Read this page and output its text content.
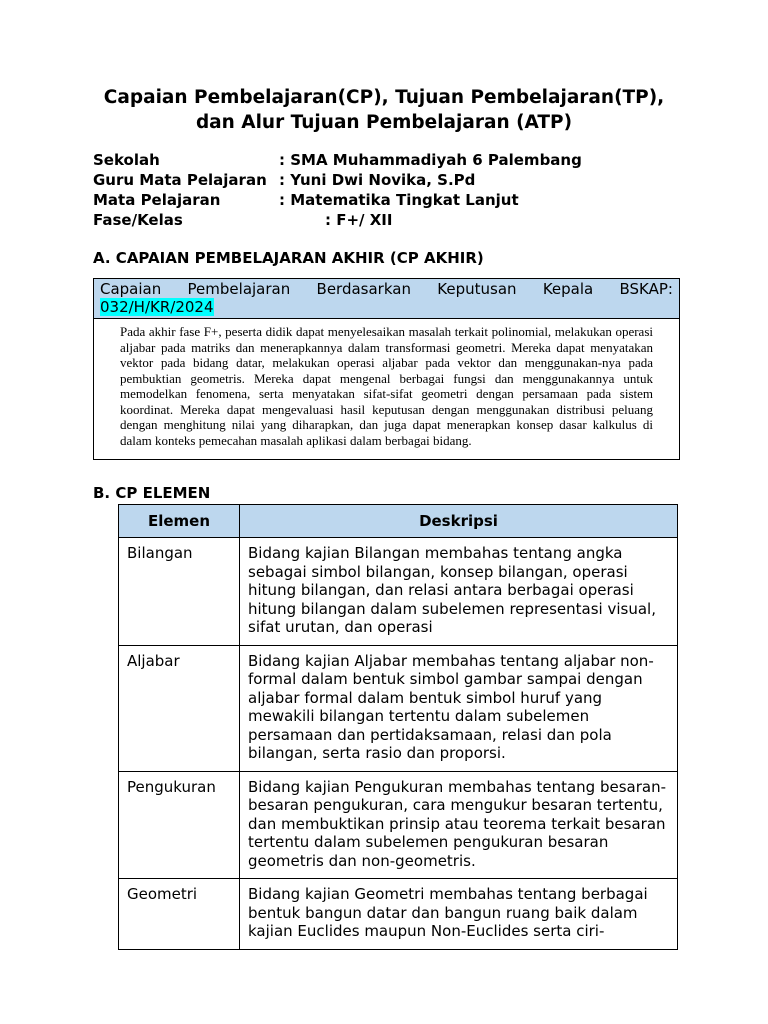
Capaian Pembelajaran(CP), Tujuan Pembelajaran(TP),
dan Alur Tujuan Pembelajaran (ATP)
Sekolah	: SMA Muhammadiyah 6 Palembang
Guru Mata Pelajaran : Yuni Dwi Novika, S.Pd
Mata Pelajaran	: Matematika Tingkat Lanjut
Fase/Kelas	: F+/ XII
A. CAPAIAN PEMBELAJARAN AKHIR (CP AKHIR)
Capaian Pembelajaran Berdasarkan Keputusan Kepala BSKAP:
032/H/KR/2024
Pada akhir fase F+, peserta didik dapat menyelesaikan masalah terkait polinomial, melakukan operasi aljabar pada matriks dan menerapkannya dalam transformasi geometri. Mereka dapat menyatakan vektor pada bidang datar, melakukan operasi aljabar pada vektor dan menggunakan-nya pada pembuktian geometris. Mereka dapat mengenal berbagai fungsi dan menggunakannya untuk memodelkan fenomena, serta menyatakan sifat-sifat geometri dengan persamaan pada sistem koordinat. Mereka dapat mengevaluasi hasil keputusan dengan menggunakan distribusi peluang dengan menghitung nilai yang diharapkan, dan juga dapat menerapkan konsep dasar kalkulus di dalam konteks pemecahan masalah aplikasi dalam berbagai bidang.
B. CP ELEMEN
Elemen	Deskripsi
Bilangan	Bidang kajian Bilangan membahas tentang angka sebagai simbol bilangan, konsep bilangan, operasi hitung bilangan, dan relasi antara berbagai operasi hitung bilangan dalam subelemen representasi visual, sifat urutan, dan operasi
Aljabar	Bidang kajian Aljabar membahas tentang aljabar non-formal dalam bentuk simbol gambar sampai dengan aljabar formal dalam bentuk simbol huruf yang mewakili bilangan tertentu dalam subelemen persamaan dan pertidaksamaan, relasi dan pola bilangan, serta rasio dan proporsi.
Pengukuran	Bidang kajian Pengukuran membahas tentang besaran- besaran pengukuran, cara mengukur besaran tertentu, dan membuktikan prinsip atau teorema terkait besaran tertentu dalam subelemen pengukuran besaran geometris dan non-geometris.
Geometri	Bidang kajian Geometri membahas tentang berbagai bentuk bangun datar dan bangun ruang baik dalam kajian Euclides maupun Non-Euclides serta ciri-
